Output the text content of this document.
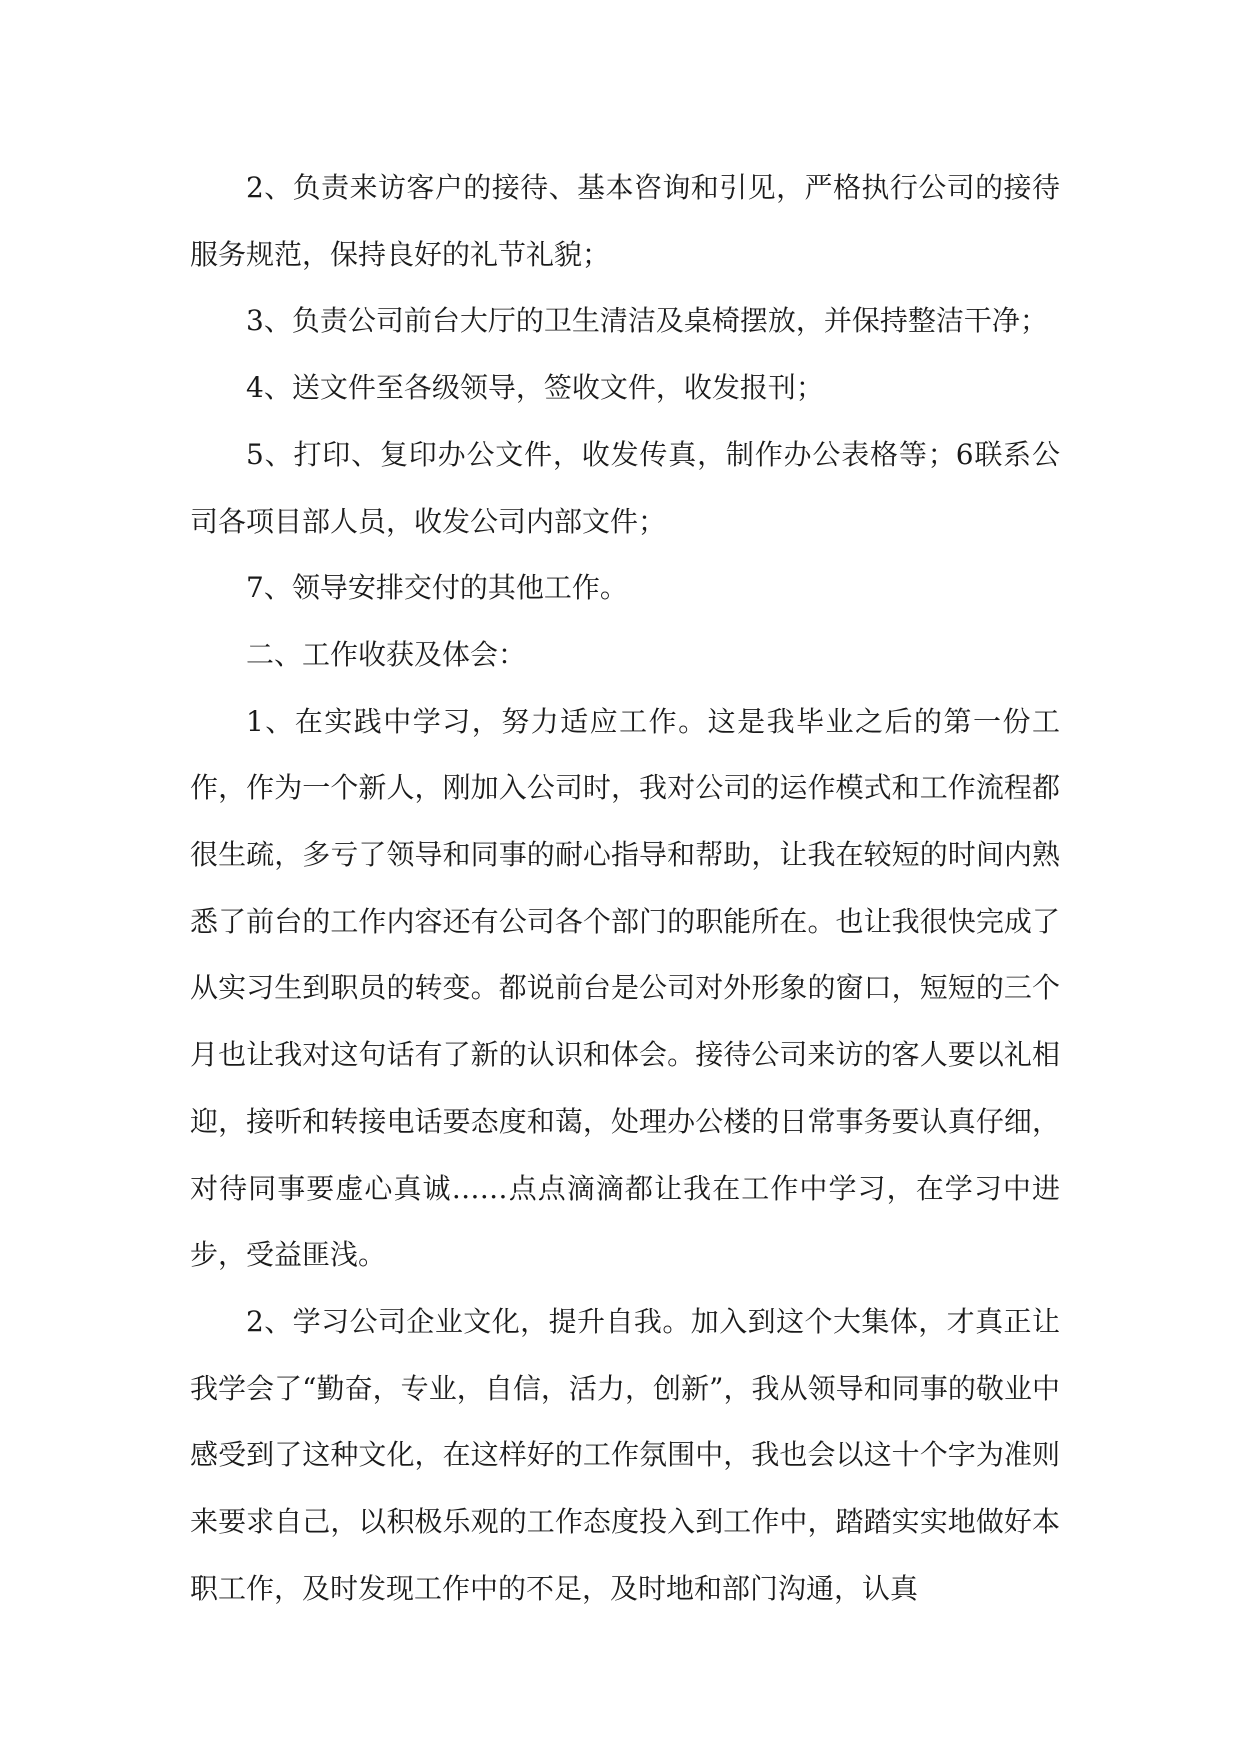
2、负责来访客户的接待、基本咨询和引见，严格执行公司的接待服务规范，保持良好的礼节礼貌；

3、负责公司前台大厅的卫生清洁及桌椅摆放，并保持整洁干净；

4、送文件至各级领导，签收文件，收发报刊；

5、打印、复印办公文件，收发传真，制作办公表格等；6联系公司各项目部人员，收发公司内部文件；

7、领导安排交付的其他工作。

二、工作收获及体会：

1、在实践中学习，努力适应工作。这是我毕业之后的第一份工作，作为一个新人，刚加入公司时，我对公司的运作模式和工作流程都很生疏，多亏了领导和同事的耐心指导和帮助，让我在较短的时间内熟悉了前台的工作内容还有公司各个部门的职能所在。也让我很快完成了从实习生到职员的转变。都说前台是公司对外形象的窗口，短短的三个月也让我对这句话有了新的认识和体会。接待公司来访的客人要以礼相迎，接听和转接电话要态度和蔼，处理办公楼的日常事务要认真仔细，对待同事要虚心真诚……点点滴滴都让我在工作中学习，在学习中进步，受益匪浅。

2、学习公司企业文化，提升自我。加入到这个大集体，才真正让我学会了“勤奋，专业，自信，活力，创新”，我从领导和同事的敬业中感受到了这种文化，在这样好的工作氛围中，我也会以这十个字为准则来要求自己，以积极乐观的工作态度投入到工作中，踏踏实实地做好本职工作，及时发现工作中的不足，及时地和部门沟通，认真
